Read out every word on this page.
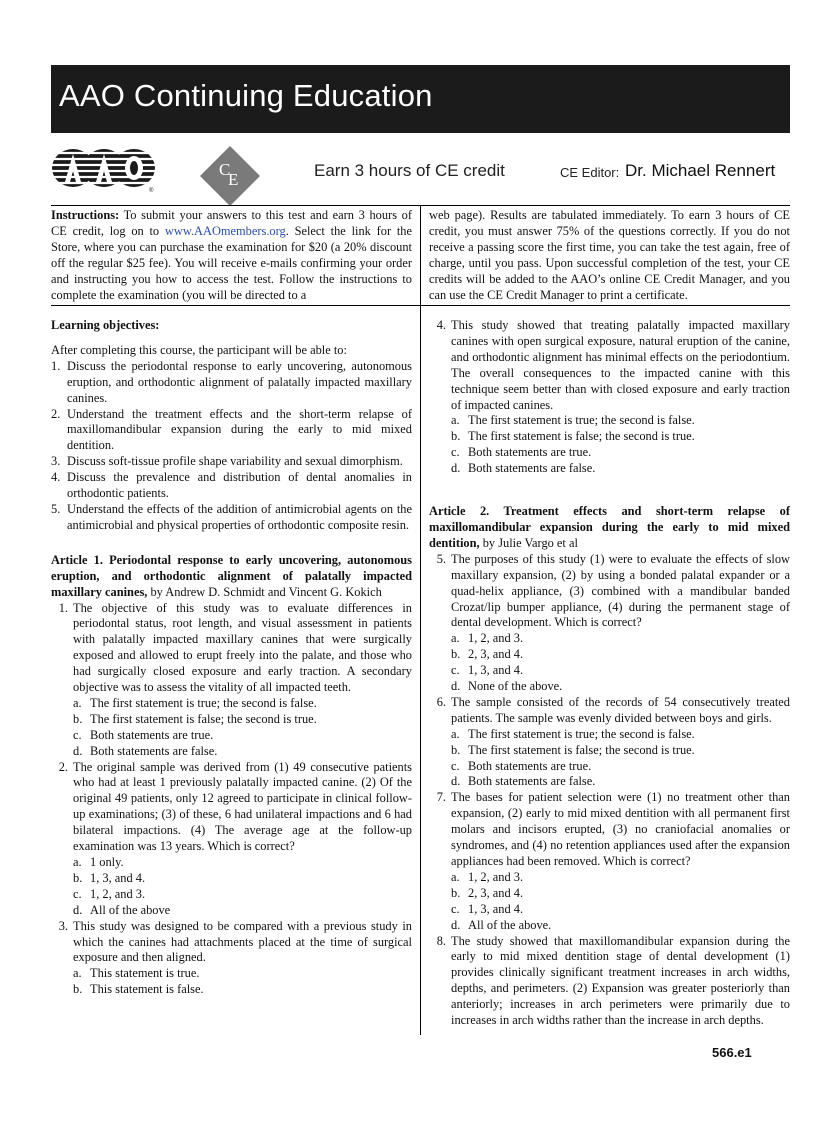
AAO Continuing Education
®
C
E	Earn 3 hours of CE credit	CE Editor: Dr. Michael Rennert
Instructions: To submit your answers to this test and earn 3 hours of CE credit, log on to www.AAOmembers.org. Select the link for the Store, where you can purchase the examination for $20 (a 20% discount off the regular $25 fee). You will receive e-mails confirming your order and instructing you how to access the test. Follow the instructions to complete the examination (you will be directed to a
web page). Results are tabulated immediately. To earn 3 hours of CE credit, you must answer 75% of the questions correctly. If you do not receive a passing score the first time, you can take the test again, free of charge, until you pass. Upon successful completion of the test, your CE credits will be added to the AAO’s online CE Credit Manager, and you can use the CE Credit Manager to print a certificate.

Learning objectives:

After completing this course, the participant will be able to:

1. Discuss the periodontal response to early uncovering, autonomous eruption, and orthodontic alignment of palatally impacted maxillary canines.

2. Understand the treatment effects and the short-term relapse of maxillomandibular expansion during the early to mid mixed dentition.

3. Discuss soft-tissue profile shape variability and sexual dimorphism.

4. Discuss the prevalence and distribution of dental anomalies in orthodontic patients.

5. Understand the effects of the addition of antimicrobial agents on the antimicrobial and physical properties of orthodontic composite resin.

Article 1. Periodontal response to early uncovering, autonomous eruption, and orthodontic alignment of palatally impacted maxillary canines, by Andrew D. Schmidt and Vincent G. Kokich

1. The objective of this study was to evaluate differences in periodontal status, root length, and visual assessment in patients with palatally impacted maxillary canines that were surgically exposed and allowed to erupt freely into the palate, and those who had surgically closed exposure and early traction. A secondary objective was to assess the vitality of all impacted teeth.

a. The first statement is true; the second is false.

b. The first statement is false; the second is true.

c. Both statements are true.

d. Both statements are false.

2. The original sample was derived from (1) 49 consecutive patients who had at least 1 previously palatally impacted canine. (2) Of the original 49 patients, only 12 agreed to participate in clinical follow-up examinations; (3) of these, 6 had unilateral impactions and 6 had bilateral impactions. (4) The average age at the follow-up examination was 13 years. Which is correct?

a. 1 only.

b. 1, 3, and 4.

c. 1, 2, and 3.

d. All of the above

3. This study was designed to be compared with a previous study in which the canines had attachments placed at the time of surgical exposure and then aligned.

a. This statement is true.

b. This statement is false.

4. This study showed that treating palatally impacted maxillary canines with open surgical exposure, natural eruption of the canine, and orthodontic alignment has minimal effects on the periodontium. The overall consequences to the impacted canine with this technique seem better than with closed exposure and early traction of impacted canines.

a. The first statement is true; the second is false.

b. The first statement is false; the second is true.

c. Both statements are true.

d. Both statements are false.

Article 2. Treatment effects and short-term relapse of maxillomandibular expansion during the early to mid mixed dentition, by Julie Vargo et al

5. The purposes of this study (1) were to evaluate the effects of slow maxillary expansion, (2) by using a bonded palatal expander or a quad-helix appliance, (3) combined with a mandibular banded Crozat/lip bumper appliance, (4) during the permanent stage of dental development. Which is correct?

a. 1, 2, and 3.

b. 2, 3, and 4.

c. 1, 3, and 4.

d. None of the above.

6. The sample consisted of the records of 54 consecutively treated patients. The sample was evenly divided between boys and girls.

a. The first statement is true; the second is false.

b. The first statement is false; the second is true.

c. Both statements are true.

d. Both statements are false.

7. The bases for patient selection were (1) no treatment other than expansion, (2) early to mid mixed dentition with all permanent first molars and incisors erupted, (3) no craniofacial anomalies or syndromes, and (4) no retention appliances used after the expansion appliances had been removed. Which is correct?

a. 1, 2, and 3.

b. 2, 3, and 4.

c. 1, 3, and 4.

d. All of the above.

8. The study showed that maxillomandibular expansion during the early to mid mixed dentition stage of dental development (1) provides clinically significant treatment increases in arch widths, depths, and perimeters. (2) Expansion was greater posteriorly than anteriorly; increases in arch perimeters were primarily due to increases in arch widths rather than the increase in arch depths.

566.e1
